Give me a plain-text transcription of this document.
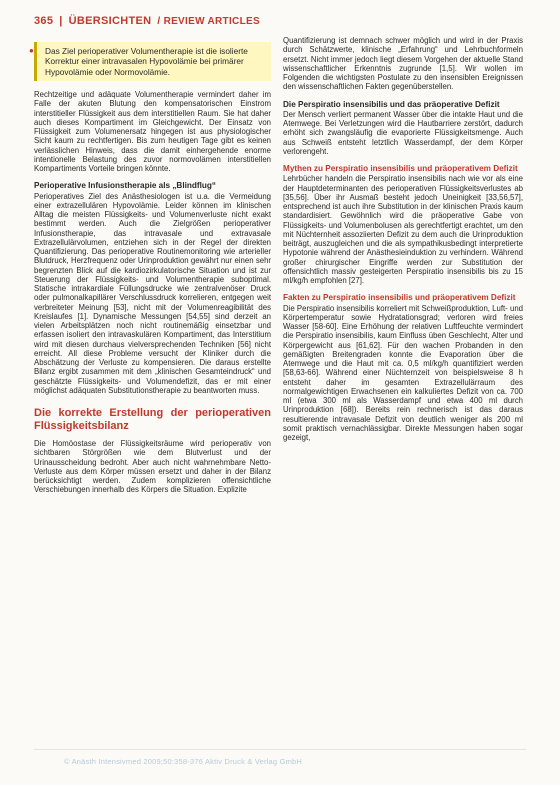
365 | ÜBERSICHTEN / REVIEW ARTICLES
● Das Ziel perioperativer Volumentherapie ist die isolierte Korrektur einer intravasalen Hypovolämie bei primärer Hypovolämie oder Normovolämie.

Rechtzeitige und adäquate Volumentherapie vermindert daher im Falle der akuten Blutung den kompensatorischen Einstrom interstitieller Flüssigkeit aus dem interstitiellen Raum. Sie hat daher auch dieses Kompartiment im Gleichgewicht. Der Einsatz von Flüssigkeit zum Volumenersatz hingegen ist aus physiologischer Sicht kaum zu rechtfertigen. Bis zum heutigen Tage gibt es keinen verlässlichen Hinweis, dass die damit einhergehende enorme intentionelle Belastung des zuvor normovolämen interstitiellen Kompartiments Vorteile bringen könnte.

Perioperative Infusionstherapie als „Blindflug“

Perioperatives Ziel des Anästhesiologen ist u.a. die Vermeidung einer extrazellulären Hypovolämie. Leider können im klinischen Alltag die meisten Flüssigkeits- und Volumenverluste nicht exakt bestimmt werden. Auch die Zielgrößen perioperativer Infusionstherapie, das intravasale und extravasale Extrazellulärvolumen, entziehen sich in der Regel der direkten Quantifizierung. Das perioperative Routinemonitoring wie arterieller Blutdruck, Herzfrequenz oder Urinproduktion gewährt nur einen sehr begrenzten Blick auf die kardiozirkulatorische Situation und ist zur Steuerung der Flüssigkeits- und Volumentherapie suboptimal. Statische intrakardiale Füllungsdrucke wie zentralvenöser Druck oder pulmonalkapillärer Verschlussdruck korrelieren, entgegen weit verbreiteter Meinung [53], nicht mit der Volumenreagibilität des Kreislaufes [1]. Dynamische Messungen [54,55] sind derzeit an vielen Arbeitsplätzen noch nicht routinemäßig einsetzbar und erfassen isoliert den intravaskulären Kompartiment, das Interstitium wird mit diesen durchaus vielversprechenden Techniken [56] nicht erreicht. All diese Probleme versucht der Kliniker durch die Abschätzung der Verluste zu kompensieren. Die daraus erstellte Bilanz ergibt zusammen mit dem „klinischen Gesamteindruck“ und geschätzte Flüssigkeits- und Volumendefizit, das er mit einer möglichst adäquaten Substitutionstherapie zu beantworten muss.

Die korrekte Erstellung der perioperativen Flüssigkeitsbilanz

Die Homöostase der Flüssigkeitsräume wird perioperativ von sichtbaren Störgrößen wie dem Blutverlust und der Urinausscheidung bedroht. Aber auch nicht wahrnehmbare Netto-Verluste aus dem Körper müssen ersetzt und daher in der Bilanz berücksichtigt werden. Zudem komplizieren offensichtliche Verschiebungen innerhalb des Körpers die Situation. Explizite

Quantifizierung ist demnach schwer möglich und wird in der Praxis durch Schätzwerte, klinische „Erfahrung“ und Lehrbuchformeln ersetzt. Nicht immer jedoch liegt diesem Vorgehen der aktuelle Stand wissenschaftlicher Erkenntnis zugrunde [1,5]. Wir wollen im Folgenden die wichtigsten Postulate zu den insensiblen Ereignissen den wissenschaftlichen Fakten gegenüberstellen.

Die Perspiratio insensibilis und das präoperative Defizit

Der Mensch verliert permanent Wasser über die intakte Haut und die Atemwege. Bei Verletzungen wird die Hautbarriere zerstört, dadurch erhöht sich zwangsläufig die evaporierte Flüssigkeitsmenge. Auch aus Schweiß entsteht letztlich Wasserdampf, der dem Körper verlorengeht.

Mythen zu Perspiratio insensibilis und präoperativem Defizit

Lehrbücher handeln die Perspiratio insensibilis nach wie vor als eine der Hauptdeterminanten des perioperativen Flüssigkeitsverlustes ab [35,56]. Über ihr Ausmaß besteht jedoch Uneinigkeit [33,56,57], entsprechend ist auch ihre Substitution in der klinischen Praxis kaum standardisiert. Gewöhnlich wird die präoperative Gabe von Flüssigkeits- und Volumenbolusen als gerechtfertigt erachtet, um den mit Nüchternheit assoziierten Defizit zu dem auch die Urinproduktion beiträgt, auszugleichen und die als sympathikusbedingt interpretierte Hypotonie während der Anästhesieinduktion zu verhindern. Während großer chirurgischer Eingriffe werden zur Substitution der offensichtlich massiv gesteigerten Perspiratio insensibilis bis zu 15 ml/kg/h empfohlen [27].

Fakten zu Perspiratio insensibilis und präoperativem Defizit

Die Perspiratio insensibilis korreliert mit Schweißproduktion, Luft- und Körpertemperatur sowie Hydratationsgrad; verloren wird freies Wasser [58-60]. Eine Erhöhung der relativen Luftfeuchte vermindert die Perspiratio insensibilis, kaum Einfluss üben Geschlecht, Alter und Körpergewicht aus [61,62]. Für den wachen Probanden in den gemäßigten Breitengraden konnte die Evaporation über die Atemwege und die Haut mit ca. 0,5 ml/kg/h quantifiziert werden [58,63-66]. Während einer Nüchternzeit von beispielsweise 8 h entsteht daher im gesamten Extrazellulärraum des normalgewichtigen Erwachsenen ein kalkuliertes Defizit von ca. 700 ml (etwa 300 ml als Wasserdampf und etwa 400 ml durch Urinproduktion [68]). Bereits rein rechnerisch ist das daraus resultierende intravasale Defizit von deutlich weniger als 200 ml somit praktisch vernachlässigbar. Direkte Messungen haben sogar gezeigt,

© Anästh Intensivmed 2009;50:358-376 Aktiv Druck & Verlag GmbH
